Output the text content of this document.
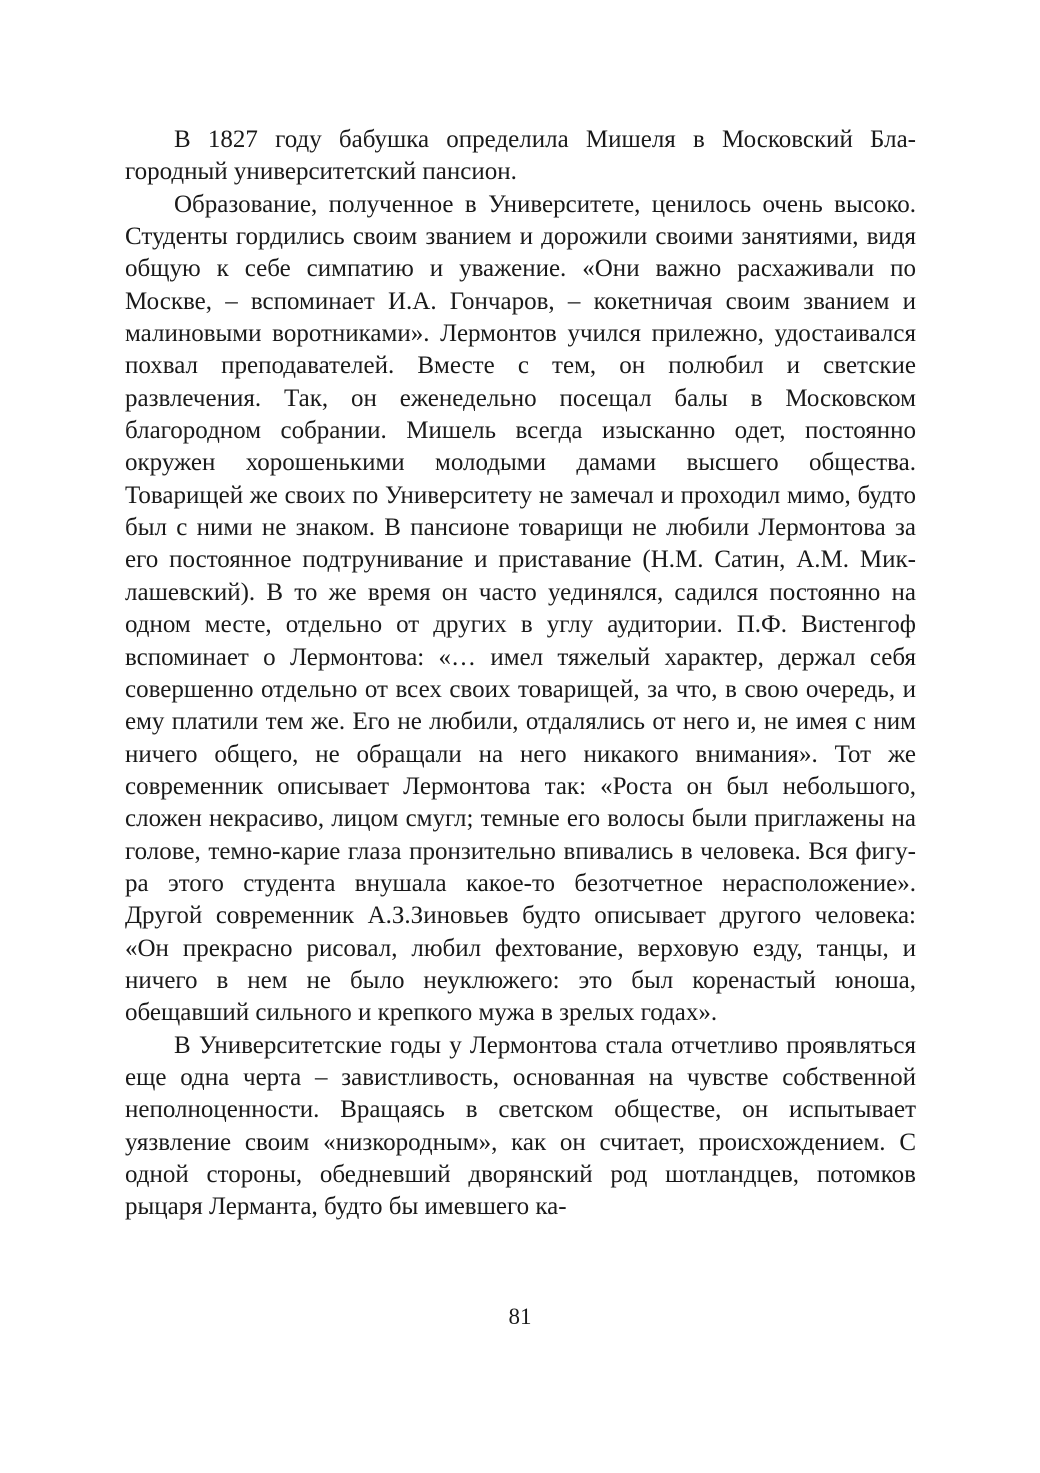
В 1827 году бабушка определила Мишеля в Московский Благородный университетский пансион.

Образование, полученное в Университете, ценилось очень высоко. Студенты гордились своим званием и дорожили своими занятиями, видя общую к себе симпатию и уважение. «Они важно расхаживали по Москве, – вспоминает И.А. Гончаров, – кокетничая своим званием и малиновыми воротниками». Лермонтов учился прилежно, удостаивался похвал преподавателей. Вместе с тем, он полюбил и светские развлечения. Так, он еженедельно посещал балы в Московском благородном собрании. Мишель всегда изысканно одет, постоянно окружен хорошенькими молодыми дамами высшего общества. Товарищей же своих по Университету не замечал и проходил мимо, будто был с ними не знаком. В пансионе товарищи не любили Лермонтова за его постоянное подтрунивание и приставание (Н.М. Сатин, А.М. Миклашевский). В то же время он часто уединялся, садился постоянно на одном месте, отдельно от других в углу аудитории. П.Ф. Вистенгоф вспоминает о Лермонтова: «… имел тяжелый характер, держал себя совершенно отдельно от всех своих товарищей, за что, в свою очередь, и ему платили тем же. Его не любили, отдалялись от него и, не имея с ним ничего общего, не обращали на него никакого внимания». Тот же современник описывает Лермонтова так: «Роста он был небольшого, сложен некрасиво, лицом смугл; темные его волосы были приглажены на голове, темно-карие глаза пронзительно впивались в человека. Вся фигура этого студента внушала какое-то безотчетное нерасположение». Другой современник А.З.Зиновьев будто описывает другого человека: «Он прекрасно рисовал, любил фехтование, верховую езду, танцы, и ничего в нем не было неуклюжего: это был коренастый юноша, обещавший сильного и крепкого мужа в зрелых годах».

В Университетские годы у Лермонтова стала отчетливо проявляться еще одна черта – завистливость, основанная на чувстве собственной неполноценности. Вращаясь в светском обществе, он испытывает уязвление своим «низкородным», как он считает, происхождением. С одной стороны, обедневший дворянский род шотландцев, потомков рыцаря Лерманта, будто бы имевшего ка-

81
